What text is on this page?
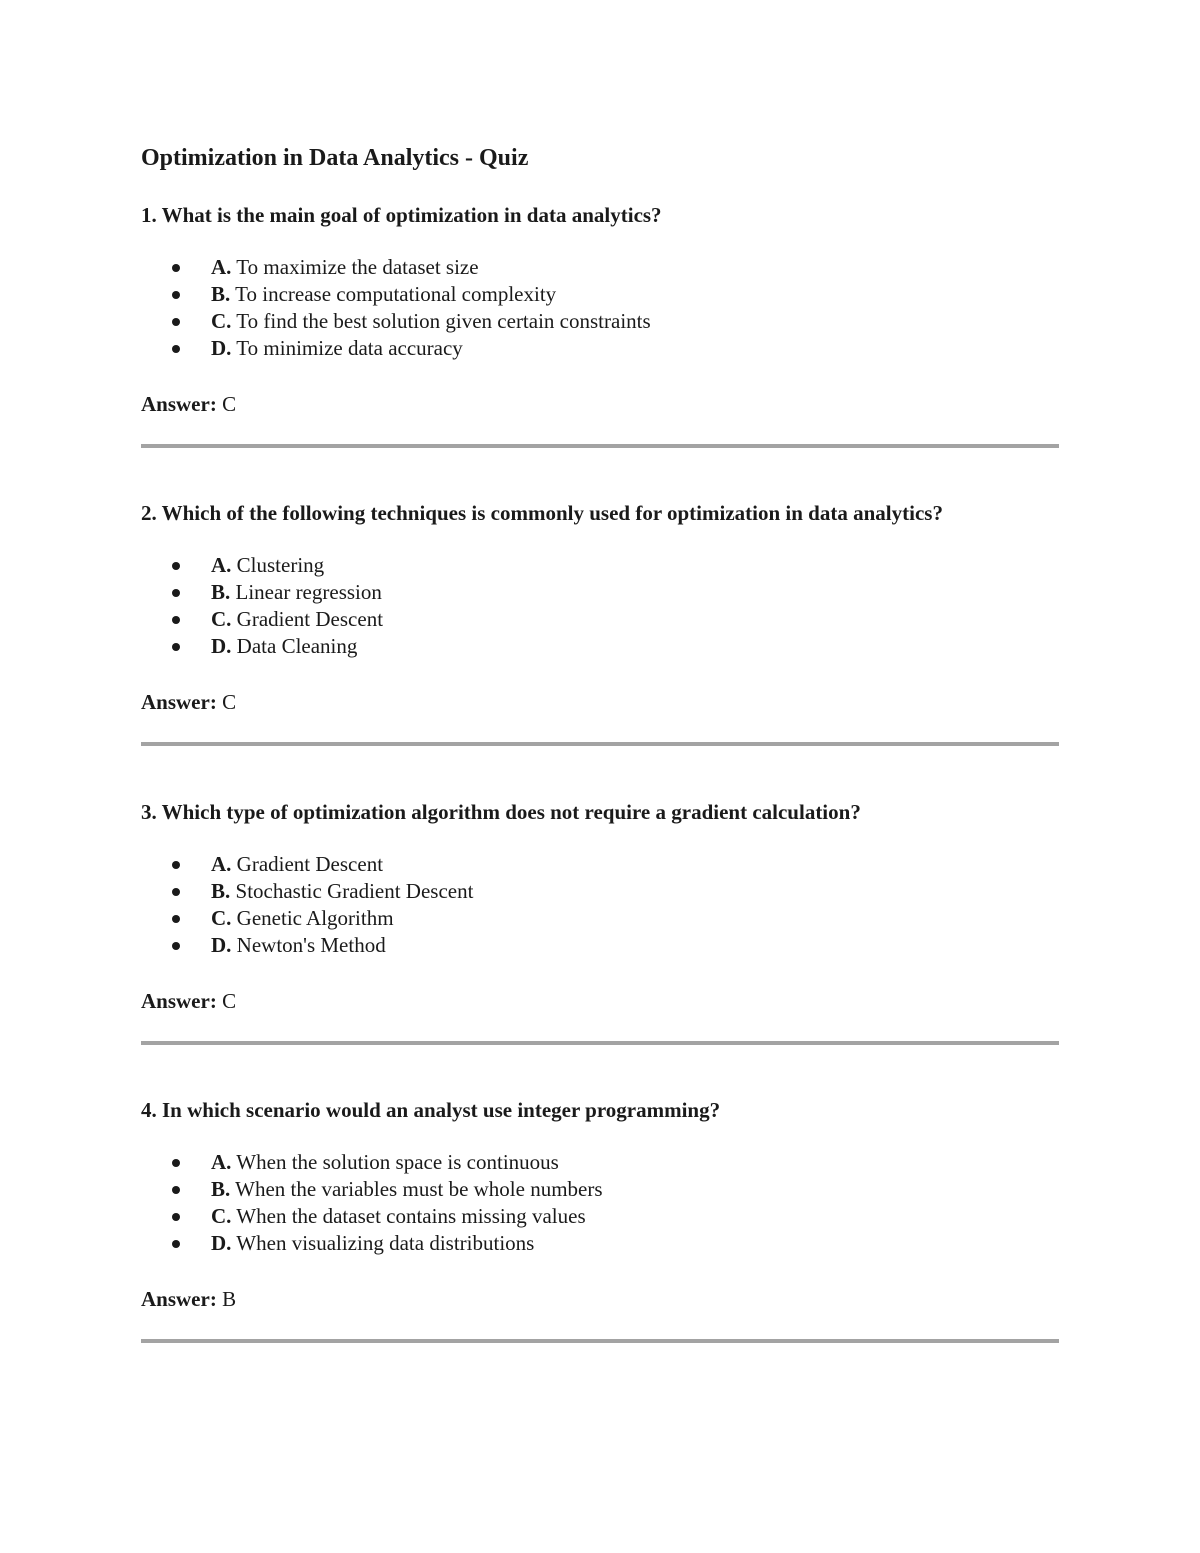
Optimization in Data Analytics - Quiz

1. What is the main goal of optimization in data analytics?

A. To maximize the dataset size
B. To increase computational complexity
C. To find the best solution given certain constraints
D. To minimize data accuracy

Answer: C

2. Which of the following techniques is commonly used for optimization in data analytics?

A. Clustering
B. Linear regression
C. Gradient Descent
D. Data Cleaning

Answer: C

3. Which type of optimization algorithm does not require a gradient calculation?

A. Gradient Descent
B. Stochastic Gradient Descent
C. Genetic Algorithm
D. Newton's Method

Answer: C

4. In which scenario would an analyst use integer programming?

A. When the solution space is continuous
B. When the variables must be whole numbers
C. When the dataset contains missing values
D. When visualizing data distributions

Answer: B
